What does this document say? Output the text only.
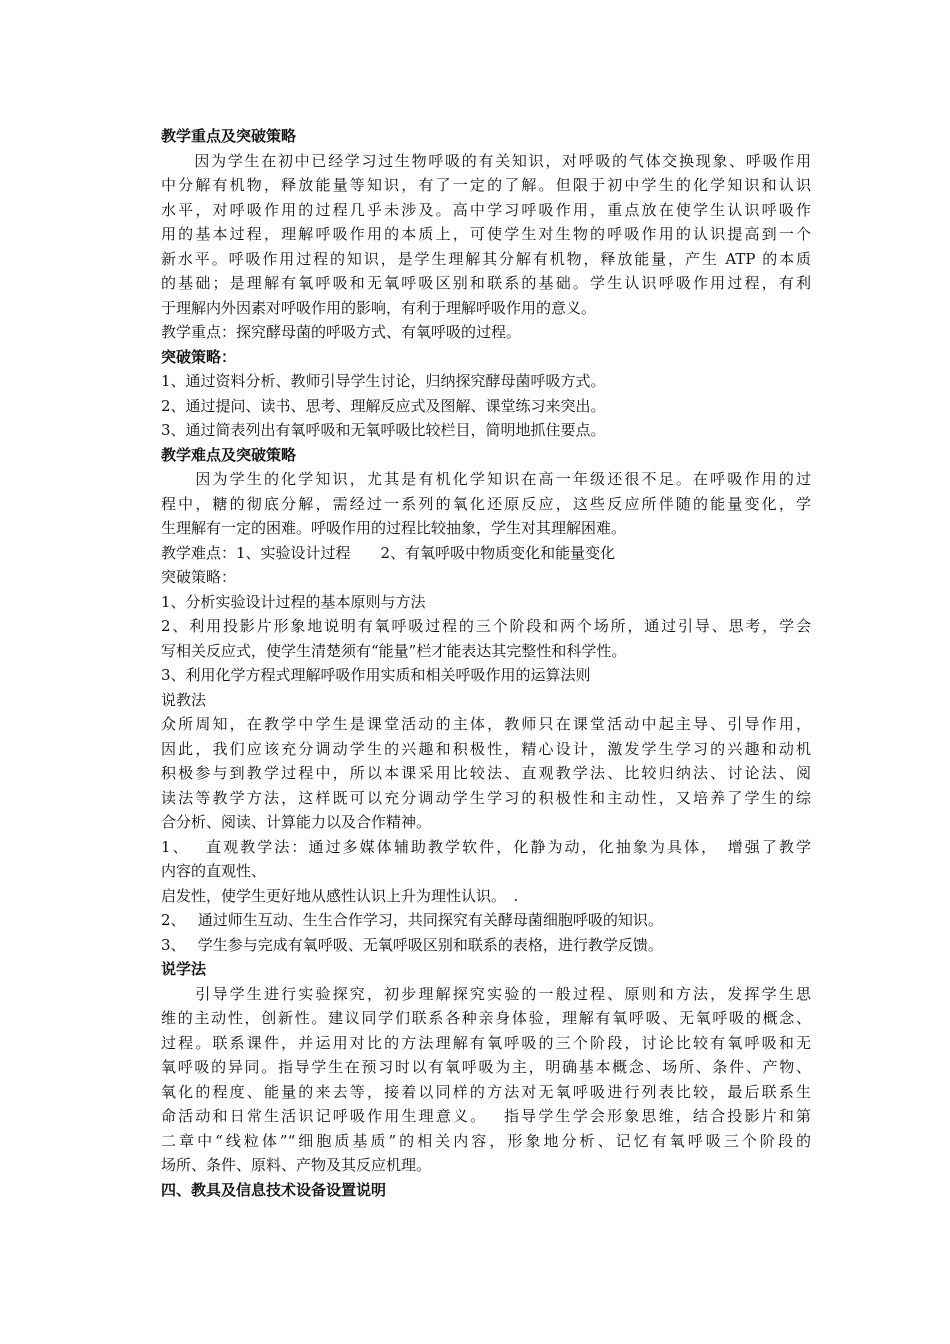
教学重点及突破策略
　　因为学生在初中已经学习过生物呼吸的有关知识，对呼吸的气体交换现象、呼吸作用
中分解有机物，释放能量等知识，有了一定的了解。但限于初中学生的化学知识和认识
水平，对呼吸作用的过程几乎未涉及。高中学习呼吸作用，重点放在使学生认识呼吸作
用的基本过程，理解呼吸作用的本质上，可使学生对生物的呼吸作用的认识提高到一个
新水平。呼吸作用过程的知识，是学生理解其分解有机物，释放能量，产生 ATP 的本质
的基础；是理解有氧呼吸和无氧呼吸区别和联系的基础。学生认识呼吸作用过程，有利
于理解内外因素对呼吸作用的影响，有利于理解呼吸作用的意义。
教学重点：探究酵母菌的呼吸方式、有氧呼吸的过程。
突破策略：
1、通过资料分析、教师引导学生讨论，归纳探究酵母菌呼吸方式。
2、通过提问、读书、思考、理解反应式及图解、课堂练习来突出。
3、通过简表列出有氧呼吸和无氧呼吸比较栏目，简明地抓住要点。
教学难点及突破策略
　　因为学生的化学知识，尤其是有机化学知识在高一年级还很不足。在呼吸作用的过
程中，糖的彻底分解，需经过一系列的氧化还原反应，这些反应所伴随的能量变化，学
生理解有一定的困难。呼吸作用的过程比较抽象，学生对其理解困难。
教学难点：1、实验设计过程　　2、有氧呼吸中物质变化和能量变化
突破策略：
1、分析实验设计过程的基本原则与方法
2、利用投影片形象地说明有氧呼吸过程的三个阶段和两个场所，通过引导、思考，学会
写相关反应式，使学生清楚须有“能量”栏才能表达其完整性和科学性。
3、利用化学方程式理解呼吸作用实质和相关呼吸作用的运算法则
说教法
众所周知，在教学中学生是课堂活动的主体，教师只在课堂活动中起主导、引导作用，
因此，我们应该充分调动学生的兴趣和积极性，精心设计，激发学生学习的兴趣和动机
积极参与到教学过程中，所以本课采用比较法、直观教学法、比较归纳法、讨论法、阅
读法等教学方法，这样既可以充分调动学生学习的积极性和主动性，又培养了学生的综
合分析、阅读、计算能力以及合作精神。
1、　 直观教学法：通过多媒体辅助教学软件，化静为动，化抽象为具体，　增强了教学
内容的直观性、
启发性，使学生更好地从感性认识上升为理性认识。　.
2、　 通过师生互动、生生合作学习，共同探究有关酵母菌细胞呼吸的知识。
3、　 学生参与完成有氧呼吸、无氧呼吸区别和联系的表格，进行教学反馈。
说学法
　　引导学生进行实验探究，初步理解探究实验的一般过程、原则和方法，发挥学生思
维的主动性，创新性。建议同学们联系各种亲身体验，理解有氧呼吸、无氧呼吸的概念、
过程。联系课件，并运用对比的方法理解有氧呼吸的三个阶段，讨论比较有氧呼吸和无
氧呼吸的异同。指导学生在预习时以有氧呼吸为主，明确基本概念、场所、条件、产物、
氧化的程度、能量的来去等，接着以同样的方法对无氧呼吸进行列表比较，最后联系生
命活动和日常生活识记呼吸作用生理意义。　 指导学生学会形象思维，结合投影片和第
二章中“线粒体”“细胞质基质”的相关内容，形象地分析、记忆有氧呼吸三个阶段的
场所、条件、原料、产物及其反应机理。
四、教具及信息技术设备设置说明
